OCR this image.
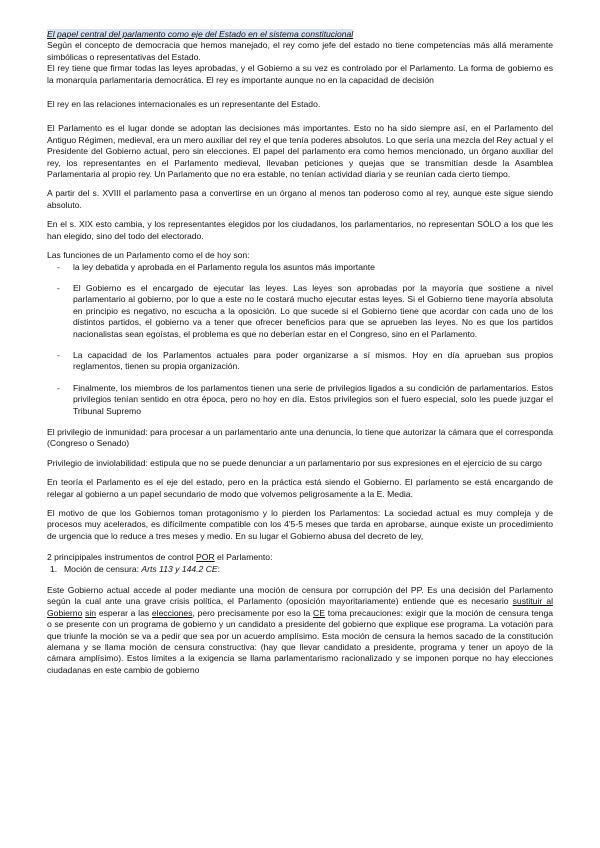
El papel central del parlamento como eje del Estado en el sistema constitucional

Según el concepto de democracia que hemos manejado, el rey como jefe del estado no tiene competencias más allá meramente simbólicas o representativas del Estado.

El rey tiene que firmar todas las leyes aprobadas, y el Gobierno a su vez es controlado por el Parlamento. La forma de gobierno es la monarquía parlamentaria democrática. El rey es importante aunque no en la capacidad de decisión

El rey en las relaciones internacionales es un representante del Estado.

El Parlamento es el lugar donde se adoptan las decisiones más importantes. Esto no ha sido siempre así, en el Parlamento del Antiguo Régimen, medieval, era un mero auxiliar del rey el que tenía poderes absolutos. Lo que sería una mezcla del Rey actual y el Presidente del Gobierno actual, pero sin elecciones. El papel del parlamento era como hemos mencionado, un órgano auxiliar del rey, los representantes en el Parlamento medieval, llevaban peticiones y quejas que se transmitían desde la Asamblea Parlamentaria al propio rey. Un Parlamento que no era estable, no tenían actividad diaria y se reunían cada cierto tiempo.

A partir del s. XVIII el parlamento pasa a convertirse en un órgano al menos tan poderoso como al rey, aunque este sigue siendo absoluto.

En el s. XIX esto cambia, y los representantes elegidos por los ciudadanos, los parlamentarios, no representan SÓLO a los que les han elegido, sino del todo del electorado.

Las funciones de un Parlamento como el de hoy son:

- la ley debatida y aprobada en el Parlamento regula los asuntos más importante
- El Gobierno es el encargado de ejecutar las leyes. Las leyes son aprobadas por la mayoría que sostiene a nivel parlamentario al gobierno, por lo que a este no le costará mucho ejecutar estas leyes. Si el Gobierno tiene mayoría absoluta en principio es negativo, no escucha a la oposición. Lo que sucede si el Gobierno tiene que acordar con cada uno de los distintos partidos, el gobierno va a tener que ofrecer beneficios para que se aprueben las leyes. No es que los partidos nacionalistas sean egoístas, el problema es que no deberían estar en el Congreso, sino en el Parlamento.
- La capacidad de los Parlamentos actuales para poder organizarse a sí mismos. Hoy en día aprueban sus propios reglamentos, tienen su propia organización.
- Finalmente, los miembros de los parlamentos tienen una serie de privilegios ligados a su condición de parlamentarios. Estos privilegios tenían sentido en otra época, pero no hoy en día. Estos privilegios son el fuero especial, solo les puede juzgar el Tribunal Supremo

El privilegio de inmunidad: para procesar a un parlamentario ante una denuncia, lo tiene que autorizar la cámara que el corresponda (Congreso o Senado)

Privilegio de inviolabilidad: estipula que no se puede denunciar a un parlamentario por sus expresiones en el ejercicio de su cargo

En teoría el Parlamento es el eje del estado, pero en la práctica está siendo el Gobierno. El parlamento se está encargando de relegar al gobierno a un papel secundario de modo que volvemos peligrosamente a la E. Media.

El motivo de que los Gobiernos toman protagonismo y lo pierden los Parlamentos: La sociedad actual es muy compleja y de procesos muy acelerados, es difícilmente compatible con los 4'5-5 meses que tarda en aprobarse, aunque existe un procedimiento de urgencia que lo reduce a tres meses y medio. En su lugar el Gobierno abusa del decreto de ley,

2 principipales instrumentos de control POR el Parlamento:

1. Moción de censura: Arts 113 y 144.2 CE:

Este Gobierno actual accede al poder mediante una moción de censura por corrupción del PP. Es una decisión del Parlamento según la cual ante una grave crisis política, el Parlamento (oposición mayoritariamente) entiende que es necesario sustituir al Gobierno sin esperar a las elecciones, pero precisamente por eso la CE toma precauciones: exigir que la moción de censura tenga o se presente con un programa de gobierno y un candidato a presidente del gobierno que explique ese programa. La votación para que triunfe la moción se va a pedir que sea por un acuerdo amplísimo. Esta moción de censura la hemos sacado de la constitución alemana y se llama moción de censura constructiva: (hay que llevar candidato a presidente, programa y tener un apoyo de la cámara amplísimo). Estos límites a la exigencia se llama parlamentarismo racionalizado y se imponen porque no hay elecciones ciudadanas en este cambio de gobierno
